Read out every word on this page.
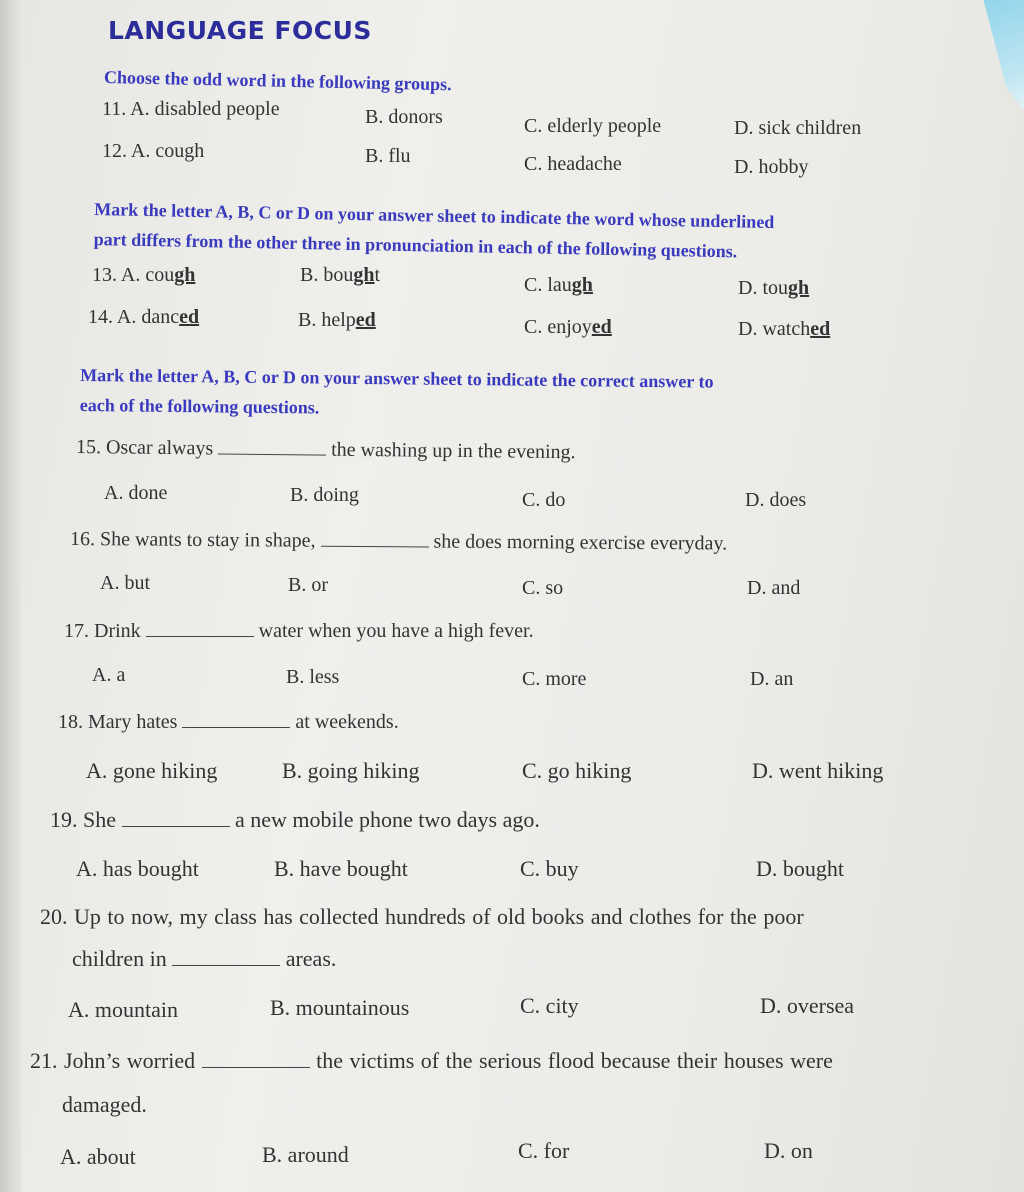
LANGUAGE FOCUS
Choose the odd word in the following groups.
11. A. disabled people	B. donors	C. elderly people	D. sick children
12. A. cough	B. flu	C. headache	D. hobby
Mark the letter A, B, C or D on your answer sheet to indicate the word whose underlined
part differs from the other three in pronunciation in each of the following questions.
13. A. cough	B. bought	C. laugh	D. tough
14. A. danced	B. helped	C. enjoyed	D. watched
Mark the letter A, B, C or D on your answer sheet to indicate the correct answer to
each of the following questions.
15. Oscar always	the washing up in the evening.
A. done	B. doing	C. do	D. does
16. She wants to stay in shape,	she does morning exercise everyday.
A. but	B. or	C. so	D. and
17. Drink	water when you have a high fever.
A. a	B. less	C. more	D. an
18. Mary hates	at weekends.
A. gone hiking	B. going hiking	C. go hiking	D. went hiking
19. She	a new mobile phone two days ago.
A. has bought	B. have bought	C. buy	D. bought
20. Up to now, my class has collected hundreds of old books and clothes for the poor
children in	areas.
A. mountain	B. mountainous	C. city	D. oversea
21. John’s worried	the victims of the serious flood because their houses were
damaged.
A. about	B. around	C. for	D. on
